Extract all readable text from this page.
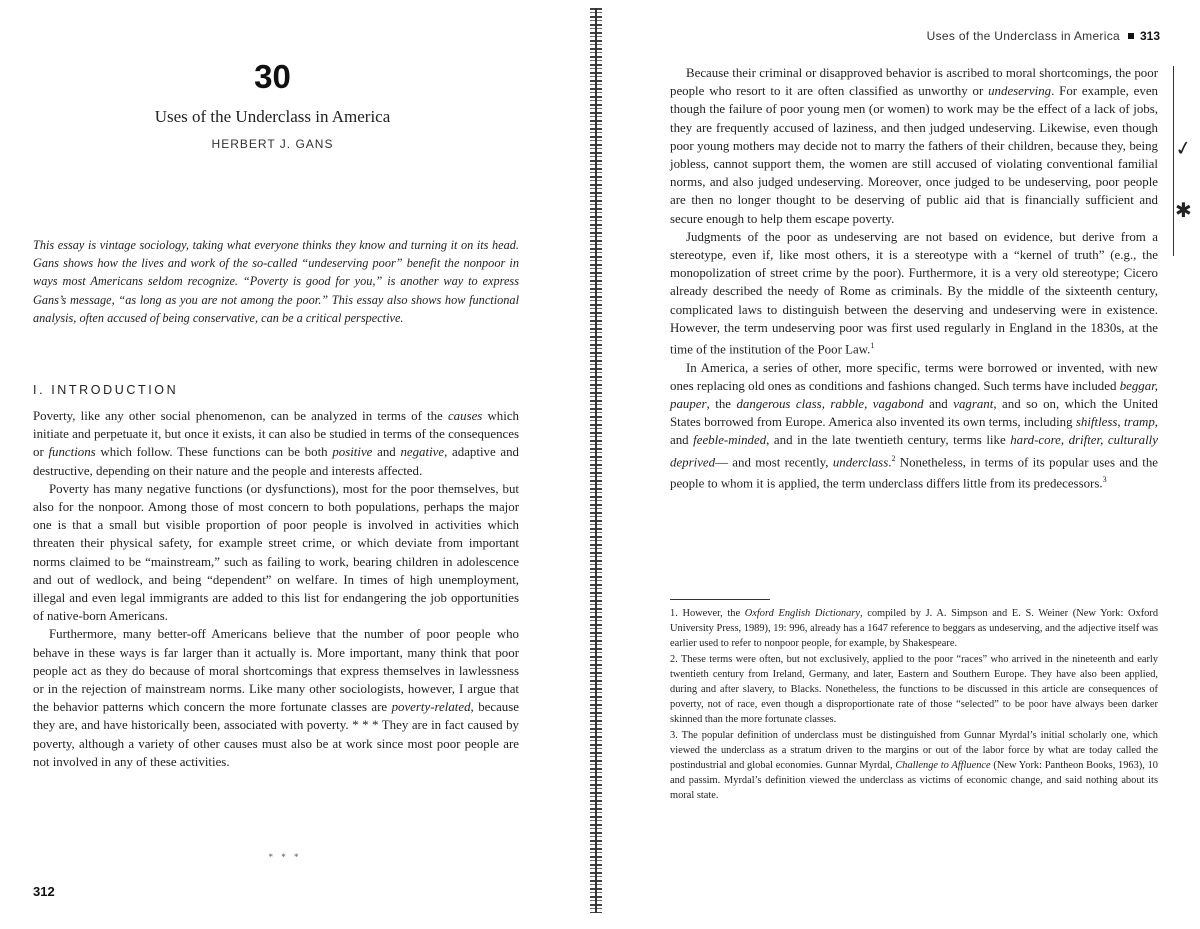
30
Uses of the Underclass in America
HERBERT J. GANS

This essay is vintage sociology, taking what everyone thinks they know and turning it on its head. Gans shows how the lives and work of the so-called “undeserving poor” benefit the nonpoor in ways most Americans seldom recognize. “Poverty is good for you,” is another way to express Gans’s message, “as long as you are not among the poor.” This essay also shows how functional analysis, often accused of being conservative, can be a critical perspective.

I. INTRODUCTION

Poverty, like any other social phenomenon, can be analyzed in terms of the causes which initiate and perpetuate it, but once it exists, it can also be studied in terms of the consequences or functions which follow. These functions can be both positive and negative, adaptive and destructive, depending on their nature and the people and interests affected.

Poverty has many negative functions (or dysfunctions), most for the poor themselves, but also for the nonpoor. Among those of most concern to both populations, perhaps the major one is that a small but visible proportion of poor people is involved in activities which threaten their physical safety, for example street crime, or which deviate from important norms claimed to be “mainstream,” such as failing to work, bearing children in adolescence and out of wedlock, and being “dependent” on welfare. In times of high unemployment, illegal and even legal immigrants are added to this list for endangering the job opportunities of native-born Americans.

Furthermore, many better-off Americans believe that the number of poor people who behave in these ways is far larger than it actually is. More important, many think that poor people act as they do because of moral shortcomings that express themselves in lawlessness or in the rejection of mainstream norms. Like many other sociologists, however, I argue that the behavior patterns which concern the more fortunate classes are poverty-related, because they are, and have historically been, associated with poverty. * * * They are in fact caused by poverty, although a variety of other causes must also be at work since most poor people are not involved in any of these activities.

* * *
312
Uses of the Underclass in America 313

Because their criminal or disapproved behavior is ascribed to moral shortcomings, the poor people who resort to it are often classified as unworthy or undeserving. For example, even though the failure of poor young men (or women) to work may be the effect of a lack of jobs, they are frequently accused of laziness, and then judged undeserving. Likewise, even though poor young mothers may decide not to marry the fathers of their children, because they, being jobless, cannot support them, the women are still accused of violating conventional familial norms, and also judged undeserving. Moreover, once judged to be undeserving, poor people are then no longer thought to be deserving of public aid that is financially sufficient and secure enough to help them escape poverty.

Judgments of the poor as undeserving are not based on evidence, but derive from a stereotype, even if, like most others, it is a stereotype with a “kernel of truth” (e.g., the monopolization of street crime by the poor). Furthermore, it is a very old stereotype; Cicero already described the needy of Rome as criminals. By the middle of the sixteenth century, complicated laws to distinguish between the deserving and undeserving were in existence. However, the term undeserving poor was first used regularly in England in the 1830s, at the time of the institution of the Poor Law.$^1$

In America, a series of other, more specific, terms were borrowed or invented, with new ones replacing old ones as conditions and fashions changed. Such terms have included beggar, pauper, the dangerous class, rabble, vagabond and vagrant, and so on, which the United States borrowed from Europe. America also invented its own terms, including shiftless, tramp, and feeble-minded, and in the late twentieth century, terms like hard-core, drifter, culturally deprived— and most recently, underclass.$^2$ Nonetheless, in terms of its popular uses and the people to whom it is applied, the term underclass differs little from its predecessors.$^3$

1. However, the Oxford English Dictionary, compiled by J. A. Simpson and E. S. Weiner (New York: Oxford University Press, 1989), 19: 996, already has a 1647 reference to beggars as undeserving, and the adjective itself was earlier used to refer to nonpoor people, for example, by Shakespeare.

2. These terms were often, but not exclusively, applied to the poor “races” who arrived in the nineteenth and early twentieth century from Ireland, Germany, and later, Eastern and Southern Europe. They have also been applied, during and after slavery, to Blacks. Nonetheless, the functions to be discussed in this article are consequences of poverty, not of race, even though a disproportionate rate of those “selected” to be poor have always been darker skinned than the more fortunate classes.

3. The popular definition of underclass must be distinguished from Gunnar Myrdal’s initial scholarly one, which viewed the underclass as a stratum driven to the margins or out of the labor force by what are today called the postindustrial and global economies. Gunnar Myrdal, Challenge to Affluence (New York: Pantheon Books, 1963), 10 and passim. Myrdal’s definition viewed the underclass as victims of economic change, and said nothing about its moral state.

✓
✱
